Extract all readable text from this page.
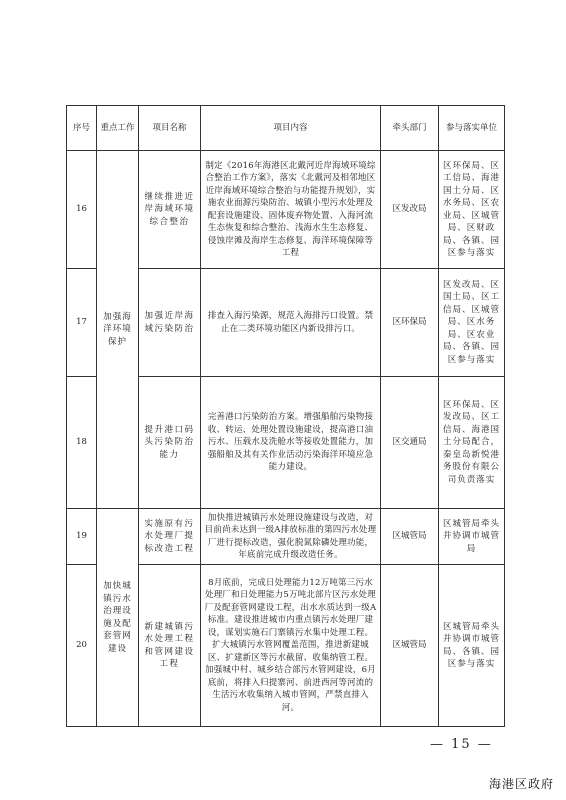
序号	重点工作	项目名称	项目内容	牵头部门	参与落实单位
16	加强海洋环境保护	继续推进近岸海域环境综合整治	制定《2016年海港区北戴河近岸海域环境综合整治工作方案》，落实《北戴河及相邻地区近岸海域环境综合整治与功能提升规划》，实施农业面源污染防治、城镇小型污水处理及配套设施建设、固体废弃物处置、入海河流生态恢复和综合整治、浅海水生生态修复、侵蚀岸滩及海岸生态修复、海洋环境保障等工程	区发改局	区环保局、区工信局、海港国土分局、区水务局、区农业局、区城管局、区财政局、各镇、园区参与落实
17		加强近岸海域污染防治	排查入海污染源，规范入海排污口设置。禁止在二类环境功能区内新设排污口。	区环保局	区发改局、区国土局、区工信局、区城管局、区水务局、区农业局、各镇、园区参与落实
18		提升港口码头污染防治能力	完善港口污染防治方案。增强船舶污染物接收、转运、处理处置设施建设，提高港口油污水、压载水及洗舱水等接收处置能力，加强船舶及其有关作业活动污染海洋环境应急能力建设。	区交通局	区环保局、区发改局、区工信局、海港国土分局配合，秦皇岛新悦港务股份有限公司负责落实
19	加快城镇污水治理设施及配套管网建设	实施原有污水处理厂提标改造工程	加快推进城镇污水处理设施建设与改造，对目前尚未达到一级A排放标准的第四污水处理厂进行提标改造，强化脱氮除磷处理功能，年底前完成升级改造任务。	区城管局	区城管局牵头并协调市城管局
20		新建城镇污水处理工程和管网建设工程	8月底前，完成日处理能力12万吨第三污水处理厂和日处理能力5万吨北部片区污水处理厂及配套管网建设工程，出水水质达到一级A标准。建设推进城市内重点镇污水处理厂建设，谋划实施石门寨镇污水集中处理工程。扩大城镇污水管网覆盖范围，推进新建城区、扩建新区等污水截留、收集纳管工程。加强城中村、城乡结合部污水管网建设，6月底前，将排入归提寨河、前进西河等河流的生活污水收集纳入城市管网，严禁直排入河。	区城管局	区城管局牵头并协调市城管局、各镇、园区参与落实
— 15 —
海港区政府
